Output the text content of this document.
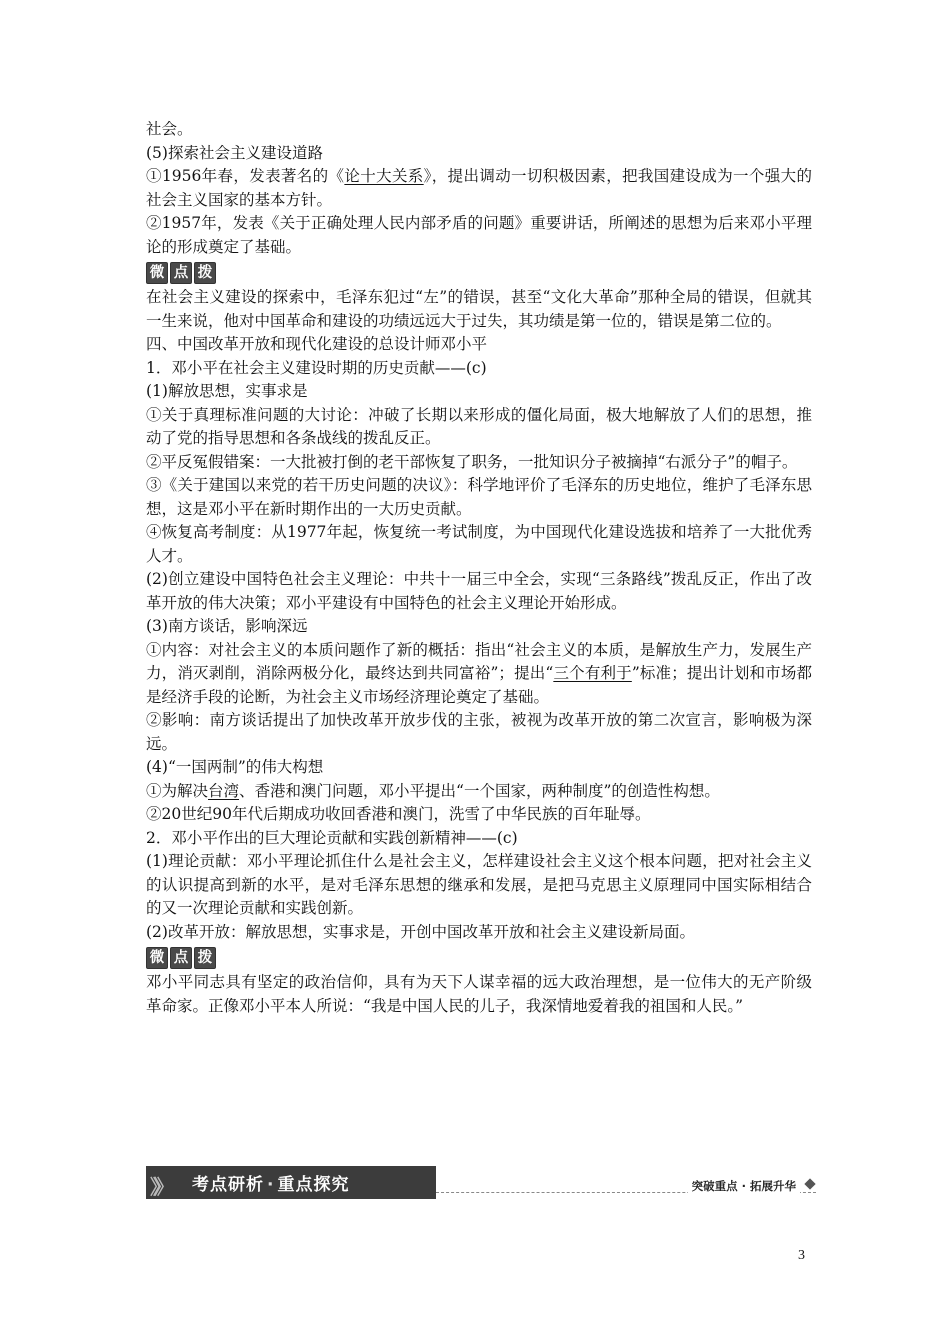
社会。

(5)探索社会主义建设道路

①1956年春，发表著名的《论十大关系》，提出调动一切积极因素，把我国建设成为一个强大的社会主义国家的基本方针。

②1957年，发表《关于正确处理人民内部矛盾的问题》重要讲话，所阐述的思想为后来邓小平理论的形成奠定了基础。

微 点 拨

在社会主义建设的探索中，毛泽东犯过“左”的错误，甚至“文化大革命”那种全局的错误，但就其一生来说，他对中国革命和建设的功绩远远大于过失，其功绩是第一位的，错误是第二位的。

四、中国改革开放和现代化建设的总设计师邓小平

1．邓小平在社会主义建设时期的历史贡献——(c)

(1)解放思想，实事求是

①关于真理标准问题的大讨论：冲破了长期以来形成的僵化局面，极大地解放了人们的思想，推动了党的指导思想和各条战线的拨乱反正。

②平反冤假错案：一大批被打倒的老干部恢复了职务，一批知识分子被摘掉“右派分子”的帽子。

③《关于建国以来党的若干历史问题的决议》：科学地评价了毛泽东的历史地位，维护了毛泽东思想，这是邓小平在新时期作出的一大历史贡献。

④恢复高考制度：从1977年起，恢复统一考试制度，为中国现代化建设选拔和培养了一大批优秀人才。

(2)创立建设中国特色社会主义理论：中共十一届三中全会，实现“三条路线”拨乱反正，作出了改革开放的伟大决策；邓小平建设有中国特色的社会主义理论开始形成。

(3)南方谈话，影响深远

①内容：对社会主义的本质问题作了新的概括：指出“社会主义的本质，是解放生产力，发展生产力，消灭剥削，消除两极分化，最终达到共同富裕”；提出“三个有利于”标准；提出计划和市场都是经济手段的论断，为社会主义市场经济理论奠定了基础。

②影响：南方谈话提出了加快改革开放步伐的主张，被视为改革开放的第二次宣言，影响极为深远。

(4)“一国两制”的伟大构想

①为解决台湾、香港和澳门问题，邓小平提出“一个国家，两种制度”的创造性构想。

②20世纪90年代后期成功收回香港和澳门，洗雪了中华民族的百年耻辱。

2．邓小平作出的巨大理论贡献和实践创新精神——(c)

(1)理论贡献：邓小平理论抓住什么是社会主义，怎样建设社会主义这个根本问题，把对社会主义的认识提高到新的水平，是对毛泽东思想的继承和发展，是把马克思主义原理同中国实际相结合的又一次理论贡献和实践创新。

(2)改革开放：解放思想，实事求是，开创中国改革开放和社会主义建设新局面。

微 点 拨

邓小平同志具有坚定的政治信仰，具有为天下人谋幸福的远大政治理想，是一位伟大的无产阶级革命家。正像邓小平本人所说：“我是中国人民的儿子，我深情地爱着我的祖国和人民。”

》》 考点研析 · 重点探究	突破重点 · 拓展升华
3
